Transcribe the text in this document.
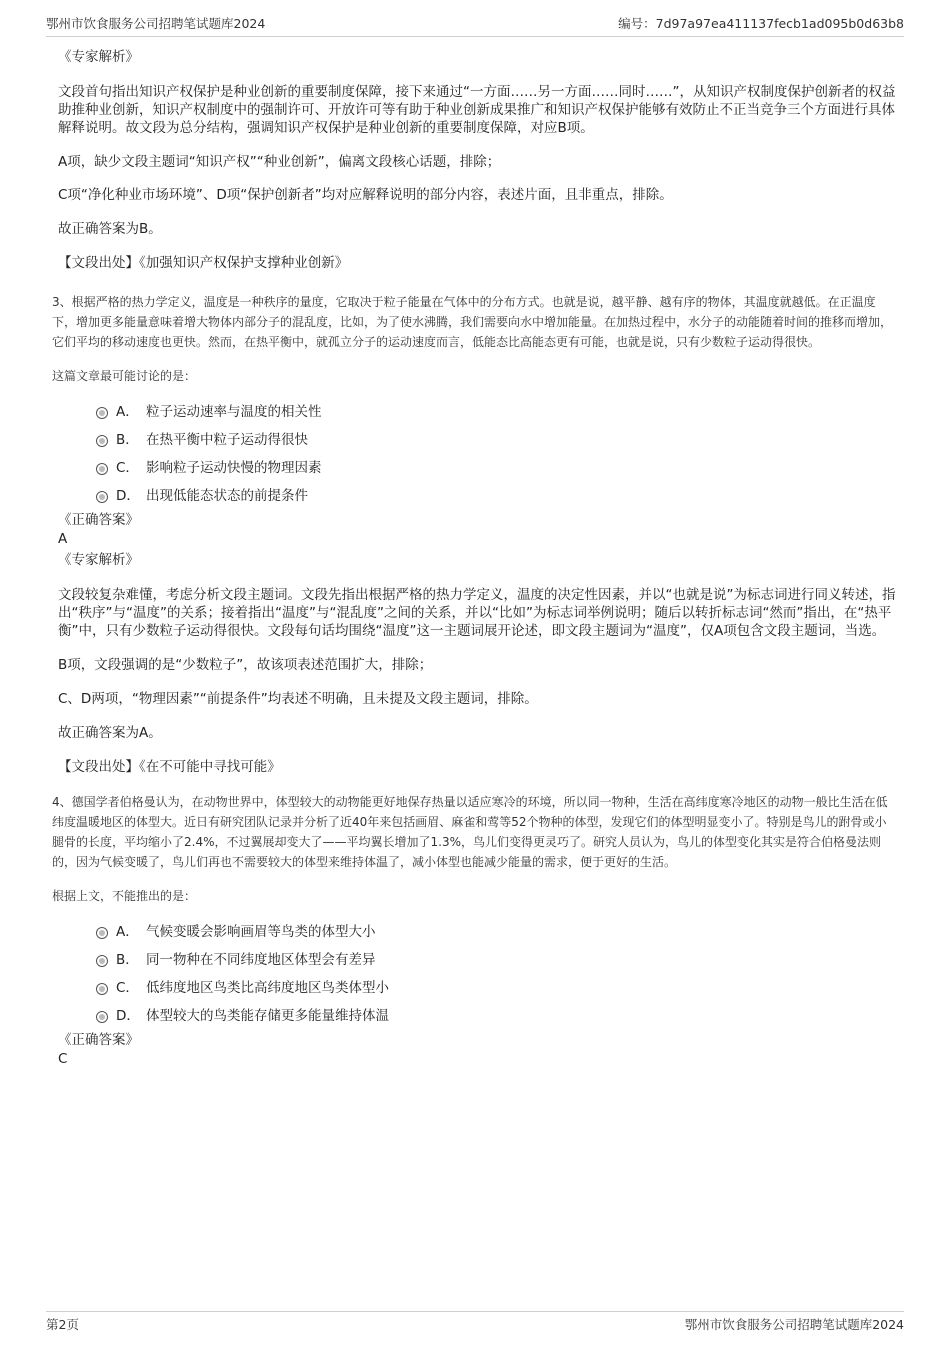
鄂州市饮食服务公司招聘笔试题库2024	编号：7d97a97ea411137fecb1ad095b0d63b8
《专家解析》
文段首句指出知识产权保护是种业创新的重要制度保障，接下来通过“一方面……另一方面……同时……”，从知识产权制度保护创新者的权益助推种业创新，知识产权制度中的强制许可、开放许可等有助于种业创新成果推广和知识产权保护能够有效防止不正当竞争三个方面进行具体解释说明。故文段为总分结构，强调知识产权保护是种业创新的重要制度保障，对应B项。
A项，缺少文段主题词“知识产权”“种业创新”，偏离文段核心话题，排除；
C项“净化种业市场环境”、D项“保护创新者”均对应解释说明的部分内容，表述片面，且非重点，排除。
故正确答案为B。
【文段出处】《加强知识产权保护支撑种业创新》
3、根据严格的热力学定义，温度是一种秩序的量度，它取决于粒子能量在气体中的分布方式。也就是说，越平静、越有序的物体，其温度就越低。在正温度下，增加更多能量意味着增大物体内部分子的混乱度，比如，为了使水沸腾，我们需要向水中增加能量。在加热过程中，水分子的动能随着时间的推移而增加，它们平均的移动速度也更快。然而，在热平衡中，就孤立分子的运动速度而言，低能态比高能态更有可能，也就是说，只有少数粒子运动得很快。
这篇文章最可能讨论的是：
A． 粒子运动速率与温度的相关性
B． 在热平衡中粒子运动得很快
C． 影响粒子运动快慢的物理因素
D． 出现低能态状态的前提条件
《正确答案》
A
《专家解析》
文段较复杂难懂，考虑分析文段主题词。文段先指出根据严格的热力学定义，温度的决定性因素，并以“也就是说”为标志词进行同义转述，指出“秩序”与“温度”的关系；接着指出“温度”与“混乱度”之间的关系，并以“比如”为标志词举例说明；随后以转折标志词“然而”指出，在“热平衡”中，只有少数粒子运动得很快。文段每句话均围绕“温度”这一主题词展开论述，即文段主题词为“温度”，仅A项包含文段主题词，当选。
B项，文段强调的是“少数粒子”，故该项表述范围扩大，排除；
C、D两项，“物理因素”“前提条件”均表述不明确，且未提及文段主题词，排除。
故正确答案为A。
【文段出处】《在不可能中寻找可能》
4、德国学者伯格曼认为，在动物世界中，体型较大的动物能更好地保存热量以适应寒冷的环境，所以同一物种，生活在高纬度寒冷地区的动物一般比生活在低纬度温暖地区的体型大。近日有研究团队记录并分析了近40年来包括画眉、麻雀和莺等52个物种的体型，发现它们的体型明显变小了。特别是鸟儿的跗骨或小腿骨的长度，平均缩小了2.4%，不过翼展却变大了——平均翼长增加了1.3%，鸟儿们变得更灵巧了。研究人员认为，鸟儿的体型变化其实是符合伯格曼法则的，因为气候变暖了，鸟儿们再也不需要较大的体型来维持体温了，减小体型也能减少能量的需求，便于更好的生活。
根据上文，不能推出的是：
A． 气候变暖会影响画眉等鸟类的体型大小
B． 同一物种在不同纬度地区体型会有差异
C． 低纬度地区鸟类比高纬度地区鸟类体型小
D． 体型较大的鸟类能存储更多能量维持体温
《正确答案》
C
第2页	鄂州市饮食服务公司招聘笔试题库2024
